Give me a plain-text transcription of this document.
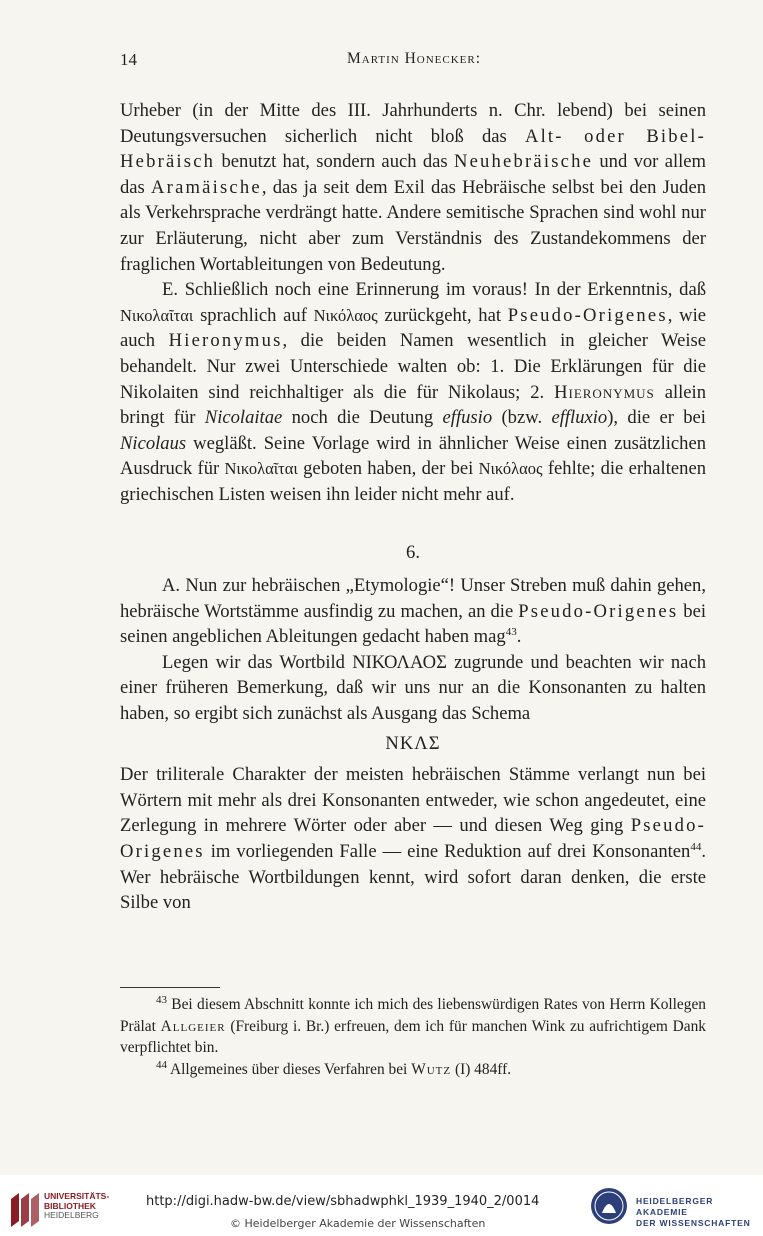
14	Martin Honecker:

Urheber (in der Mitte des III. Jahrhunderts n. Chr. lebend) bei seinen Deutungsversuchen sicherlich nicht bloß das Alt- oder Bibel-Hebräisch benutzt hat, sondern auch das Neuhebräische und vor allem das Aramäische, das ja seit dem Exil das Hebräische selbst bei den Juden als Verkehrsprache verdrängt hatte. Andere semitische Sprachen sind wohl nur zur Erläuterung, nicht aber zum Verständnis des Zustandekommens der fraglichen Wortableitungen von Bedeutung.

E. Schließlich noch eine Erinnerung im voraus! In der Erkenntnis, daß Νικολαῖται sprachlich auf Νικόλαος zurückgeht, hat Pseudo-Origenes, wie auch Hieronymus, die beiden Namen wesentlich in gleicher Weise behandelt. Nur zwei Unterschiede walten ob: 1. Die Erklärungen für die Nikolaiten sind reichhaltiger als die für Nikolaus; 2. Hieronymus allein bringt für Nicolaitae noch die Deutung effusio (bzw. effluxio), die er bei Nicolaus wegläßt. Seine Vorlage wird in ähnlicher Weise einen zusätzlichen Ausdruck für Νικολαῖται geboten haben, der bei Νικόλαος fehlte; die erhaltenen griechischen Listen weisen ihn leider nicht mehr auf.

6.

A. Nun zur hebräischen „Etymologie“! Unser Streben muß dahin gehen, hebräische Wortstämme ausfindig zu machen, an die Pseudo-Origenes bei seinen angeblichen Ableitungen gedacht haben mag$^{43}$.

Legen wir das Wortbild ΝΙΚΟΛΑΟΣ zugrunde und beachten wir nach einer früheren Bemerkung, daß wir uns nur an die Konsonanten zu halten haben, so ergibt sich zunächst als Ausgang das Schema

ΝΚΛΣ

Der triliterale Charakter der meisten hebräischen Stämme verlangt nun bei Wörtern mit mehr als drei Konsonanten entweder, wie schon angedeutet, eine Zerlegung in mehrere Wörter oder aber — und diesen Weg ging Pseudo-Origenes im vorliegenden Falle — eine Reduktion auf drei Konsonanten$^{44}$. Wer hebräische Wortbildungen kennt, wird sofort daran denken, die erste Silbe von

$^{43}$ Bei diesem Abschnitt konnte ich mich des liebenswürdigen Rates von Herrn Kollegen Prälat Allgeier (Freiburg i. Br.) erfreuen, dem ich für manchen Wink zu aufrichtigem Dank verpflichtet bin.

$^{44}$ Allgemeines über dieses Verfahren bei Wutz (I) 484ff.

UNIVERSITÄTS-
BIBLIOTHEK
HEIDELBERG
http://digi.hadw-bw.de/view/sbhadwphkl_1939_1940_2/0014
© Heidelberger Akademie der Wissenschaften
HEIDELBERGER AKADEMIE
DER WISSENSCHAFTEN
